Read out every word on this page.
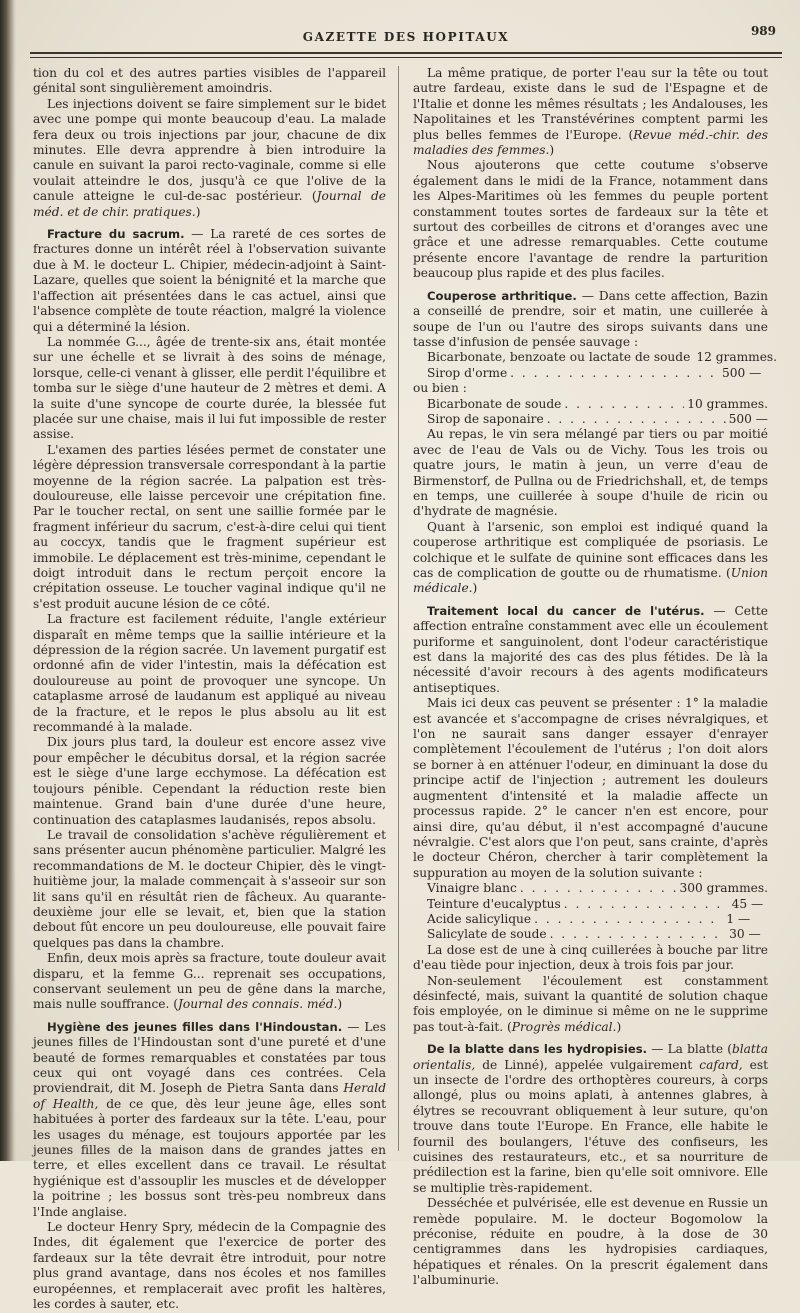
GAZETTE DES HOPITAUX	989

tion du col et des autres parties visibles de l'appareil génital sont singulièrement amoindris.

Les injections doivent se faire simplement sur le bidet avec une pompe qui monte beaucoup d'eau. La malade fera deux ou trois injections par jour, chacune de dix minutes. Elle devra apprendre à bien introduire la canule en suivant la paroi recto-vaginale, comme si elle voulait atteindre le dos, jusqu'à ce que l'olive de la canule atteigne le cul-de-sac postérieur. (Journal de méd. et de chir. pratiques.)

Fracture du sacrum. — La rareté de ces sortes de fractures donne un intérêt réel à l'observation suivante due à M. le docteur L. Chipier, médecin-adjoint à Saint-Lazare, quelles que soient la bénignité et la marche que l'affection ait présentées dans le cas actuel, ainsi que l'absence complète de toute réaction, malgré la violence qui a déterminé la lésion.

La nommée G..., âgée de trente-six ans, était montée sur une échelle et se livrait à des soins de ménage, lorsque, celle-ci venant à glisser, elle perdit l'équilibre et tomba sur le siège d'une hauteur de 2 mètres et demi. A la suite d'une syncope de courte durée, la blessée fut placée sur une chaise, mais il lui fut impossible de rester assise.

L'examen des parties lésées permet de constater une légère dépression transversale correspondant à la partie moyenne de la région sacrée. La palpation est très-douloureuse, elle laisse percevoir une crépitation fine. Par le toucher rectal, on sent une saillie formée par le fragment inférieur du sacrum, c'est-à-dire celui qui tient au coccyx, tandis que le fragment supérieur est immobile. Le déplacement est très-minime, cependant le doigt introduit dans le rectum perçoit encore la crépitation osseuse. Le toucher vaginal indique qu'il ne s'est produit aucune lésion de ce côté.

La fracture est facilement réduite, l'angle extérieur disparaît en même temps que la saillie intérieure et la dépression de la région sacrée. Un lavement purgatif est ordonné afin de vider l'intestin, mais la défécation est douloureuse au point de provoquer une syncope. Un cataplasme arrosé de laudanum est appliqué au niveau de la fracture, et le repos le plus absolu au lit est recommandé à la malade.

Dix jours plus tard, la douleur est encore assez vive pour empêcher le décubitus dorsal, et la région sacrée est le siège d'une large ecchymose. La défécation est toujours pénible. Cependant la réduction reste bien maintenue. Grand bain d'une durée d'une heure, continuation des cataplasmes laudanisés, repos absolu.

Le travail de consolidation s'achève régulièrement et sans présenter aucun phénomène particulier. Malgré les recommandations de M. le docteur Chipier, dès le vingt-huitième jour, la malade commençait à s'asseoir sur son lit sans qu'il en résultât rien de fâcheux. Au quarante-deuxième jour elle se levait, et, bien que la station debout fût encore un peu douloureuse, elle pouvait faire quelques pas dans la chambre.

Enfin, deux mois après sa fracture, toute douleur avait disparu, et la femme G... reprenait ses occupations, conservant seulement un peu de gêne dans la marche, mais nulle souffrance. (Journal des connais. méd.)

Hygiène des jeunes filles dans l'Hindoustan. — Les jeunes filles de l'Hindoustan sont d'une pureté et d'une beauté de formes remarquables et constatées par tous ceux qui ont voyagé dans ces contrées. Cela proviendrait, dit M. Joseph de Pietra Santa dans Herald of Health, de ce que, dès leur jeune âge, elles sont habituées à porter des fardeaux sur la tête. L'eau, pour les usages du ménage, est toujours apportée par les jeunes filles de la maison dans de grandes jattes en terre, et elles excellent dans ce travail. Le résultat hygiénique est d'assouplir les muscles et de développer la poitrine ; les bossus sont très-peu nombreux dans l'Inde anglaise.

Le docteur Henry Spry, médecin de la Compagnie des Indes, dit également que l'exercice de porter des fardeaux sur la tête devrait être introduit, pour notre plus grand avantage, dans nos écoles et nos familles européennes, et remplacerait avec profit les haltères, les cordes à sauter, etc.

La même pratique, de porter l'eau sur la tête ou tout autre fardeau, existe dans le sud de l'Espagne et de l'Italie et donne les mêmes résultats ; les Andalouses, les Napolitaines et les Transtévérines comptent parmi les plus belles femmes de l'Europe. (Revue méd.-chir. des maladies des femmes.)

Nous ajouterons que cette coutume s'observe également dans le midi de la France, notamment dans les Alpes-Maritimes où les femmes du peuple portent constamment toutes sortes de fardeaux sur la tête et surtout des corbeilles de citrons et d'oranges avec une grâce et une adresse remarquables. Cette coutume présente encore l'avantage de rendre la parturition beaucoup plus rapide et des plus faciles.

Couperose arthritique. — Dans cette affection, Bazin a conseillé de prendre, soir et matin, une cuillerée à soupe de l'un ou l'autre des sirops suivants dans une tasse d'infusion de pensée sauvage :

Bicarbonate, benzoate ou lactate de soude 12 grammes.
Sirop d'orme . . .	500 —

ou bien :

Bicarbonate de soude . . .	10 grammes.
Sirop de saponaire . . .	500 —

Au repas, le vin sera mélangé par tiers ou par moitié avec de l'eau de Vals ou de Vichy. Tous les trois ou quatre jours, le matin à jeun, un verre d'eau de Birmenstorf, de Pullna ou de Friedrichshall, et, de temps en temps, une cuillerée à soupe d'huile de ricin ou d'hydrate de magnésie.

Quant à l'arsenic, son emploi est indiqué quand la couperose arthritique est compliquée de psoriasis. Le colchique et le sulfate de quinine sont efficaces dans les cas de complication de goutte ou de rhumatisme. (Union médicale.)

Traitement local du cancer de l'utérus. — Cette affection entraîne constamment avec elle un écoulement puriforme et sanguinolent, dont l'odeur caractéristique est dans la majorité des cas des plus fétides. De là la nécessité d'avoir recours à des agents modificateurs antiseptiques.

Mais ici deux cas peuvent se présenter : 1° la maladie est avancée et s'accompagne de crises névralgiques, et l'on ne saurait sans danger essayer d'enrayer complètement l'écoulement de l'utérus ; l'on doit alors se borner à en atténuer l'odeur, en diminuant la dose du principe actif de l'injection ; autrement les douleurs augmentent d'intensité et la maladie affecte un processus rapide. 2° le cancer n'en est encore, pour ainsi dire, qu'au début, il n'est accompagné d'aucune névralgie. C'est alors que l'on peut, sans crainte, d'après le docteur Chéron, chercher à tarir complètement la suppuration au moyen de la solution suivante :

Vinaigre blanc . . .	300 grammes.
Teinture d'eucalyptus . . .	45 —
Acide salicylique . . .	1 —
Salicylate de soude . . .	30 —

La dose est de une à cinq cuillerées à bouche par litre d'eau tiède pour injection, deux à trois fois par jour.

Non-seulement l'écoulement est constamment désinfecté, mais, suivant la quantité de solution chaque fois employée, on le diminue si même on ne le supprime pas tout-à-fait. (Progrès médical.)

De la blatte dans les hydropisies. — La blatte (blatta orientalis, de Linné), appelée vulgairement cafard, est un insecte de l'ordre des orthoptères coureurs, à corps allongé, plus ou moins aplati, à antennes glabres, à élytres se recouvrant obliquement à leur suture, qu'on trouve dans toute l'Europe. En France, elle habite le fournil des boulangers, l'étuve des confiseurs, les cuisines des restaurateurs, etc., et sa nourriture de prédilection est la farine, bien qu'elle soit omnivore. Elle se multiplie très-rapidement.

Desséchée et pulvérisée, elle est devenue en Russie un remède populaire. M. le docteur Bogomolow la préconise, réduite en poudre, à la dose de 30 centigrammes dans les hydropisies cardiaques, hépatiques et rénales. On la prescrit également dans l'albuminurie.
